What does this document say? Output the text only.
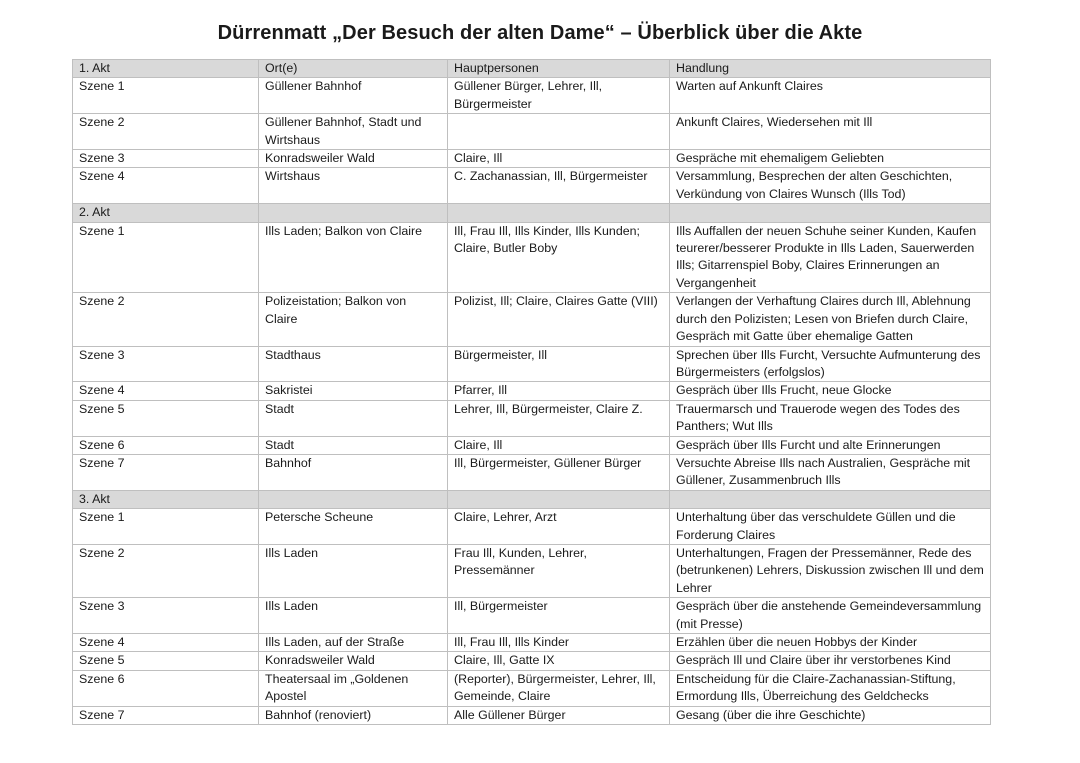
Dürrenmatt „Der Besuch der alten Dame“ – Überblick über die Akte
1. Akt	Ort(e)	Hauptpersonen	Handlung
Szene 1	Güllener Bahnhof	Güllener Bürger, Lehrer, Ill, Bürgermeister	Warten auf Ankunft Claires
Szene 2	Güllener Bahnhof, Stadt und Wirtshaus		Ankunft Claires, Wiedersehen mit Ill
Szene 3	Konradsweiler Wald	Claire, Ill	Gespräche mit ehemaligem Geliebten
Szene 4	Wirtshaus	C. Zachanassian, Ill, Bürgermeister	Versammlung, Besprechen der alten Geschichten, Verkündung von Claires Wunsch (Ills Tod)
2. Akt			
Szene 1	Ills Laden; Balkon von Claire	Ill, Frau Ill, Ills Kinder, Ills Kunden; Claire, Butler Boby	Ills Auffallen der neuen Schuhe seiner Kunden, Kaufen teurerer/besserer Produkte in Ills Laden, Sauerwerden Ills; Gitarrenspiel Boby, Claires Erinnerungen an Vergangenheit
Szene 2	Polizeistation; Balkon von Claire	Polizist, Ill; Claire, Claires Gatte (VIII)	Verlangen der Verhaftung Claires durch Ill, Ablehnung durch den Polizisten; Lesen von Briefen durch Claire, Gespräch mit Gatte über ehemalige Gatten
Szene 3	Stadthaus	Bürgermeister, Ill	Sprechen über Ills Furcht, Versuchte Aufmunterung des Bürgermeisters (erfolgslos)
Szene 4	Sakristei	Pfarrer, Ill	Gespräch über Ills Frucht, neue Glocke
Szene 5	Stadt	Lehrer, Ill, Bürgermeister, Claire Z.	Trauermarsch und Trauerode wegen des Todes des Panthers; Wut Ills
Szene 6	Stadt	Claire, Ill	Gespräch über Ills Furcht und alte Erinnerungen
Szene 7	Bahnhof	Ill, Bürgermeister, Güllener Bürger	Versuchte Abreise Ills nach Australien, Gespräche mit Güllener, Zusammenbruch Ills
3. Akt			
Szene 1	Petersche Scheune	Claire, Lehrer, Arzt	Unterhaltung über das verschuldete Güllen und die Forderung Claires
Szene 2	Ills Laden	Frau Ill, Kunden, Lehrer, Pressemänner	Unterhaltungen, Fragen der Pressemänner, Rede des (betrunkenen) Lehrers, Diskussion zwischen Ill und dem Lehrer
Szene 3	Ills Laden	Ill, Bürgermeister	Gespräch über die anstehende Gemeindeversammlung (mit Presse)
Szene 4	Ills Laden, auf der Straße	Ill, Frau Ill, Ills Kinder	Erzählen über die neuen Hobbys der Kinder
Szene 5	Konradsweiler Wald	Claire, Ill, Gatte IX	Gespräch Ill und Claire über ihr verstorbenes Kind
Szene 6	Theatersaal im „Goldenen Apostel	(Reporter), Bürgermeister, Lehrer, Ill, Gemeinde, Claire	Entscheidung für die Claire-Zachanassian-Stiftung, Ermordung Ills, Überreichung des Geldchecks
Szene 7	Bahnhof (renoviert)	Alle Güllener Bürger	Gesang (über die ihre Geschichte)
